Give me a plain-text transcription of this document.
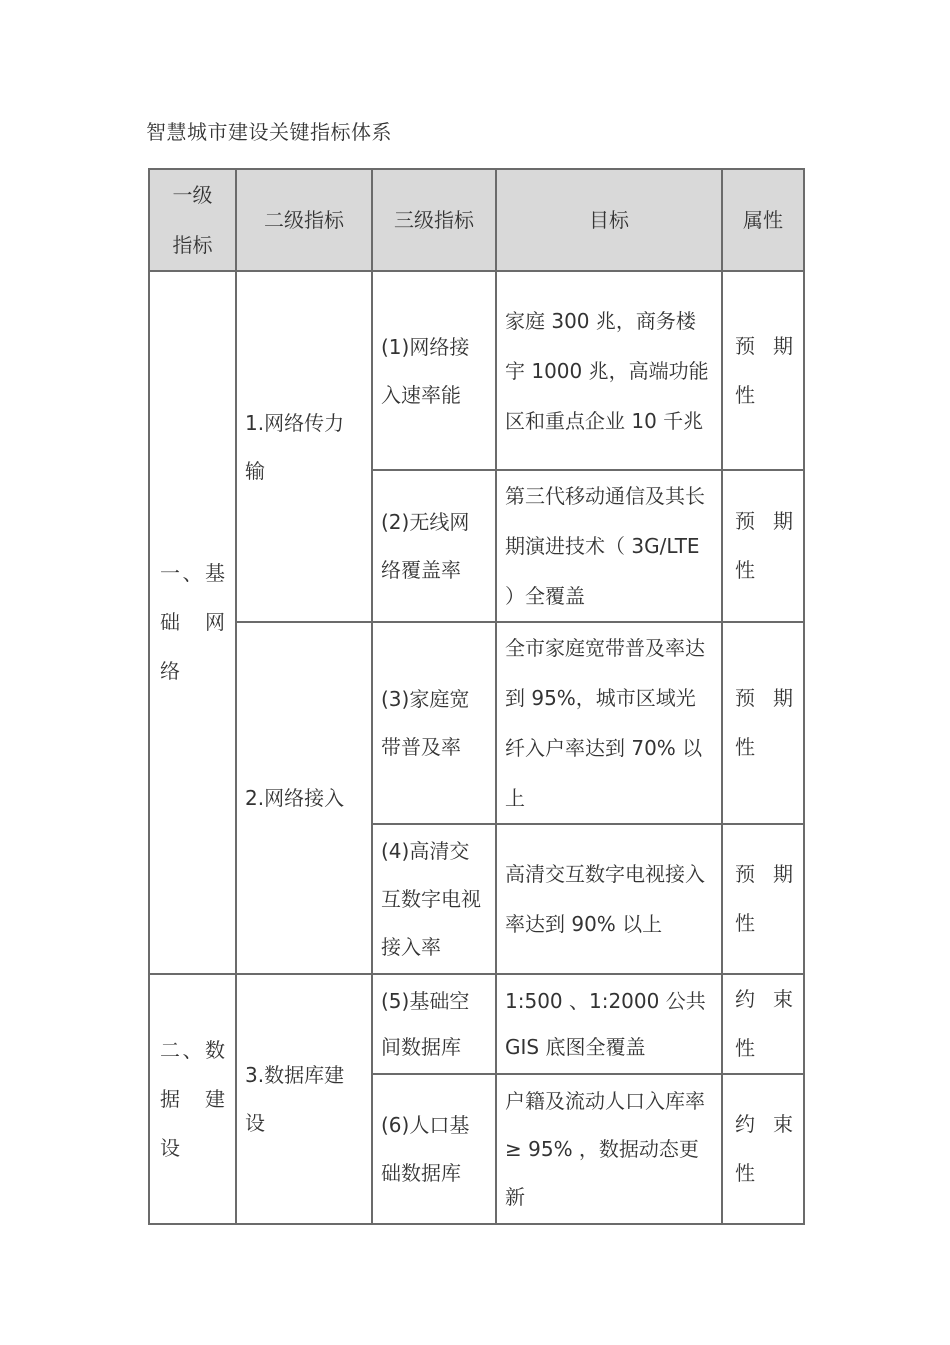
智慧城市建设关键指标体系
一级指标	二级指标	三级指标	目标	属性

一、基
础　网
络	1.网络传力输	(1)网络接入速率能	家庭 300 兆，商务楼宇 1000 兆，高端功能区和重点企业 10 千兆	预期性

		(2)无线网络覆盖率	第三代移动通信及其长期演进技术（ 3G/LTE ）全覆盖	预期性

	2.网络接入	(3)家庭宽带普及率	全市家庭宽带普及率达到 95%，城市区域光纤入户率达到 70% 以上	预期性

		(4)高清交互数字电视接入率	高清交互数字电视接入率达到 90% 以上	预期性

二、数
据　建
设	3.数据库建设	(5)基础空间数据库	1:500 、1:2000 公共 GIS 底图全覆盖	约束性

		(6)人口基础数据库	户籍及流动人口入库率≥ 95% ，数据动态更新	约束性
